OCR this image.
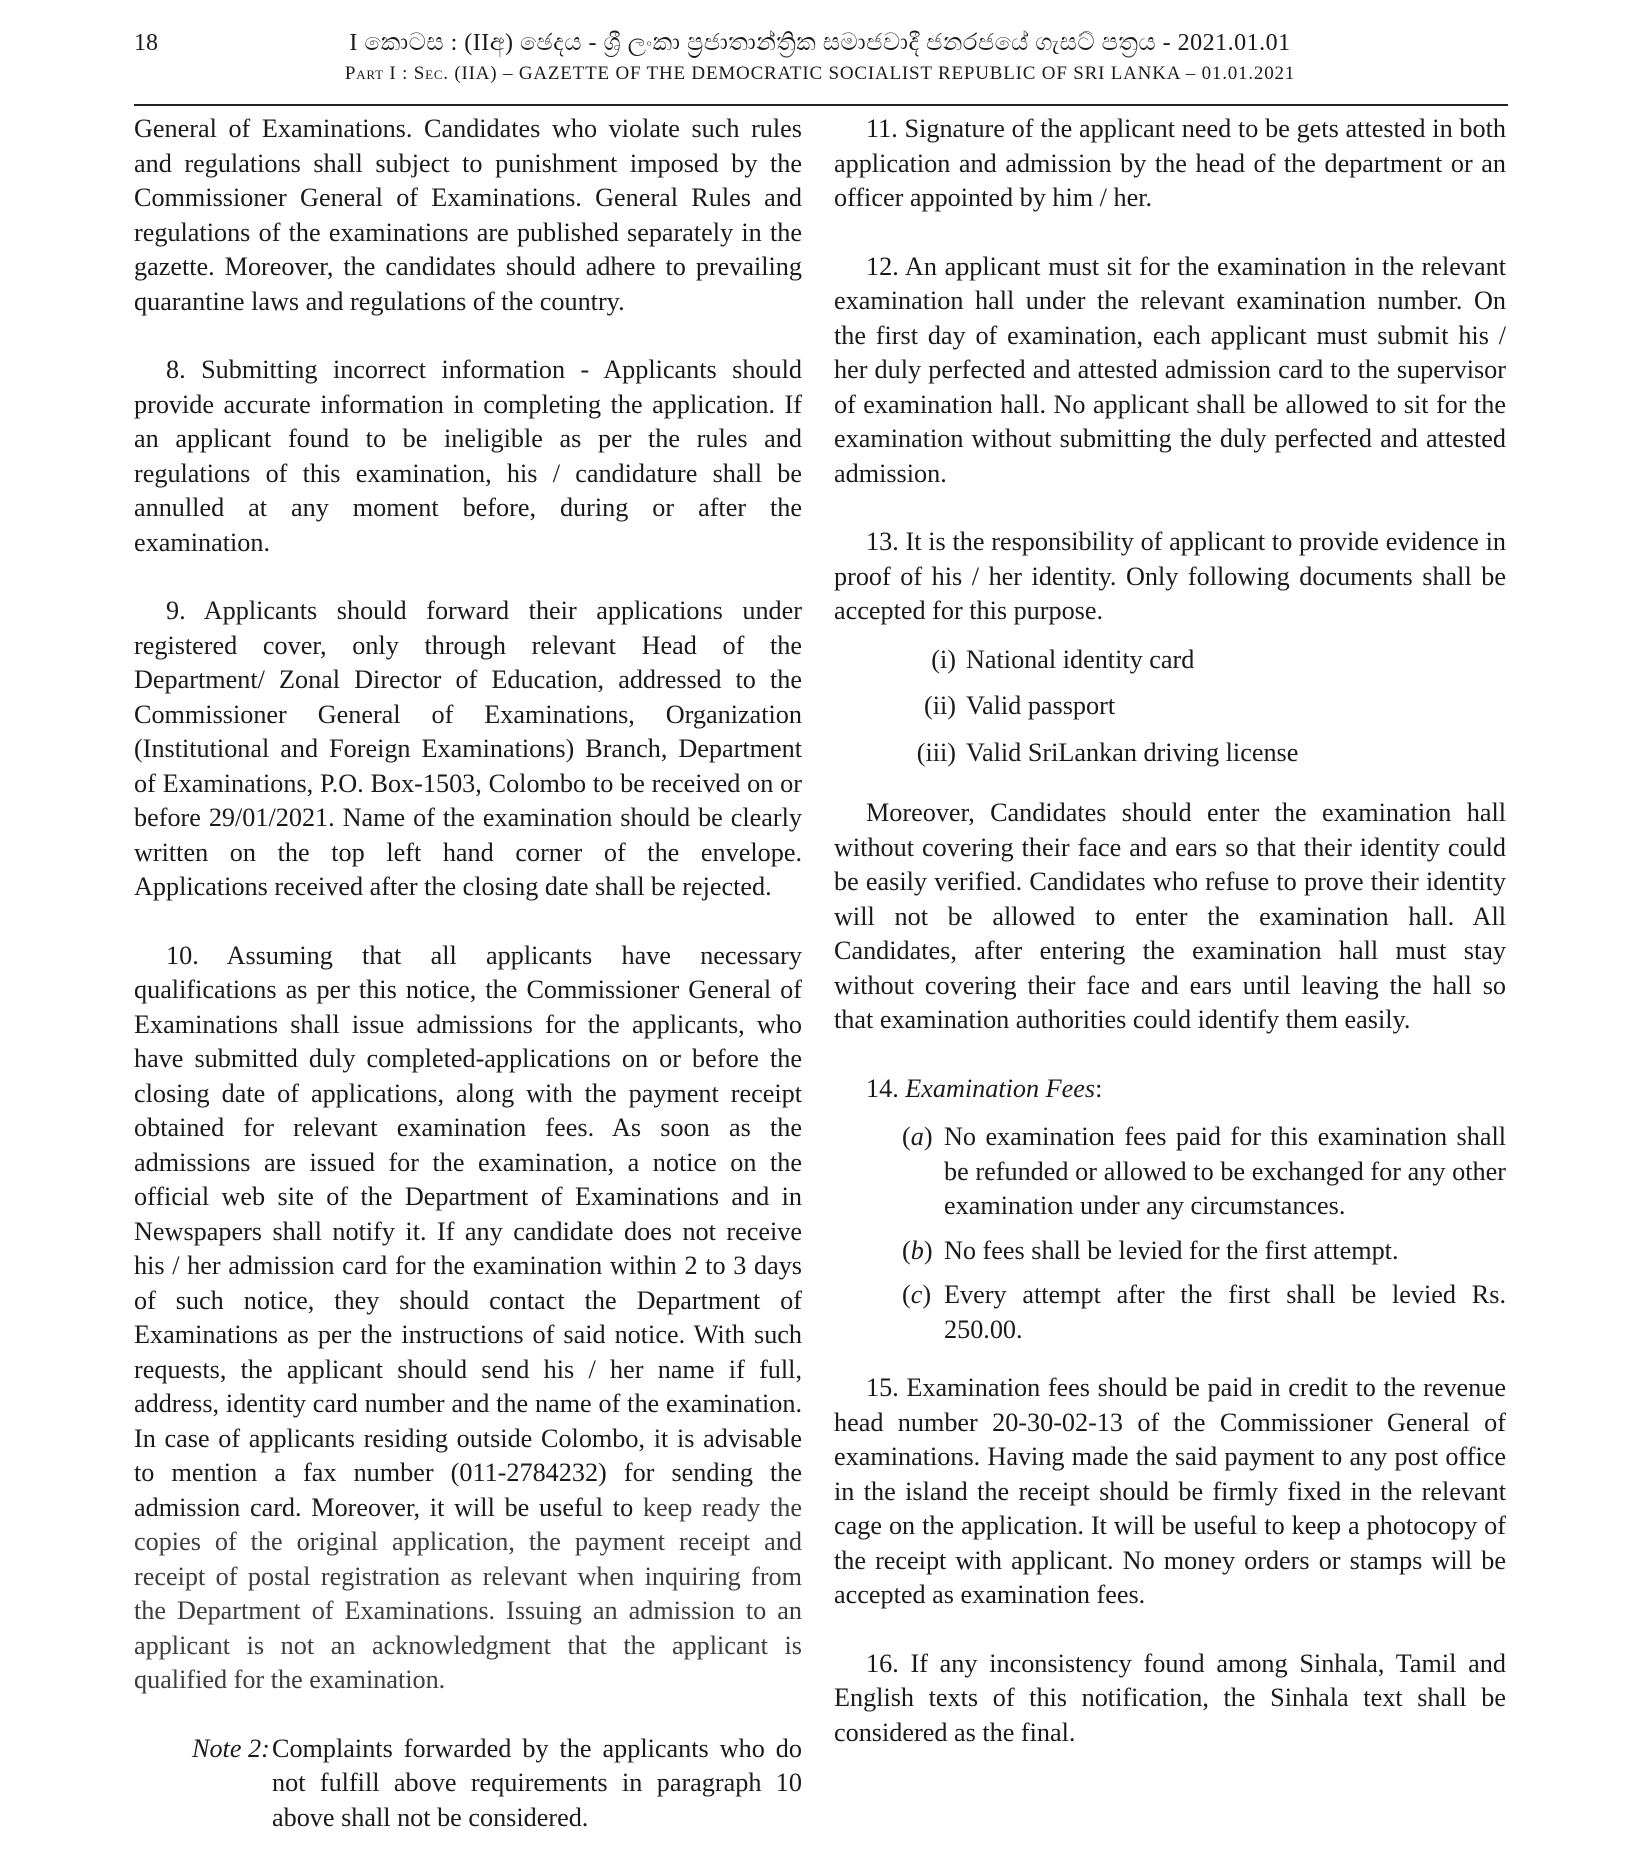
18	I කොටස : (IIඅ) ඡෙදය - ශ්‍රී ලංකා ප්‍රජාතාන්ත්‍රික සමාජවාදී ජනරජයේ ගැසට් පත්‍රය - 2021.01.01
Part I : Sec. (IIA) – GAZETTE OF THE DEMOCRATIC SOCIALIST REPUBLIC OF SRI LANKA – 01.01.2021

General of Examinations. Candidates who violate such rules and regulations shall subject to punishment imposed by the Commissioner General of Examinations. General Rules and regulations of the examinations are published separately in the gazette. Moreover, the candidates should adhere to prevailing quarantine laws and regulations of the country.

8. Submitting incorrect information - Applicants should provide accurate information in completing the application. If an applicant found to be ineligible as per the rules and regulations of this examination, his / candidature shall be annulled at any moment before, during or after the examination.

9. Applicants should forward their applications under registered cover, only through relevant Head of the Department/ Zonal Director of Education, addressed to the Commissioner General of Examinations, Organization (Institutional and Foreign Examinations) Branch, Department of Examinations, P.O. Box-1503, Colombo to be received on or before 29/01/2021. Name of the examination should be clearly written on the top left hand corner of the envelope. Applications received after the closing date shall be rejected.

10. Assuming that all applicants have necessary qualifications as per this notice, the Commissioner General of Examinations shall issue admissions for the applicants, who have submitted duly completed-applications on or before the closing date of applications, along with the payment receipt obtained for relevant examination fees. As soon as the admissions are issued for the examination, a notice on the official web site of the Department of Examinations and in Newspapers shall notify it. If any candidate does not receive his / her admission card for the examination within 2 to 3 days of such notice, they should contact the Department of Examinations as per the instructions of said notice. With such requests, the applicant should send his / her name if full, address, identity card number and the name of the examination. In case of applicants residing outside Colombo, it is advisable to mention a fax number (011-2784232) for sending the admission card. Moreover, it will be useful to keep ready the copies of the original application, the payment receipt and receipt of postal registration as relevant when inquiring from the Department of Examinations. Issuing an admission to an applicant is not an acknowledgment that the applicant is qualified for the examination.

Note 2: Complaints forwarded by the applicants who do not fulfill above requirements in paragraph 10 above shall not be considered.

11. Signature of the applicant need to be gets attested in both application and admission by the head of the department or an officer appointed by him / her.

12. An applicant must sit for the examination in the relevant examination hall under the relevant examination number. On the first day of examination, each applicant must submit his / her duly perfected and attested admission card to the supervisor of examination hall. No applicant shall be allowed to sit for the examination without submitting the duly perfected and attested admission.

13. It is the responsibility of applicant to provide evidence in proof of his / her identity. Only following documents shall be accepted for this purpose.

(i) National identity card
(ii) Valid passport
(iii) Valid SriLankan driving license

Moreover, Candidates should enter the examination hall without covering their face and ears so that their identity could be easily verified. Candidates who refuse to prove their identity will not be allowed to enter the examination hall. All Candidates, after entering the examination hall must stay without covering their face and ears until leaving the hall so that examination authorities could identify them easily.

14. Examination Fees:

(a) No examination fees paid for this examination shall be refunded or allowed to be exchanged for any other examination under any circumstances.
(b) No fees shall be levied for the first attempt.
(c) Every attempt after the first shall be levied Rs. 250.00.

15. Examination fees should be paid in credit to the revenue head number 20-30-02-13 of the Commissioner General of examinations. Having made the said payment to any post office in the island the receipt should be firmly fixed in the relevant cage on the application. It will be useful to keep a photocopy of the receipt with applicant. No money orders or stamps will be accepted as examination fees.

16. If any inconsistency found among Sinhala, Tamil and English texts of this notification, the Sinhala text shall be considered as the final.
